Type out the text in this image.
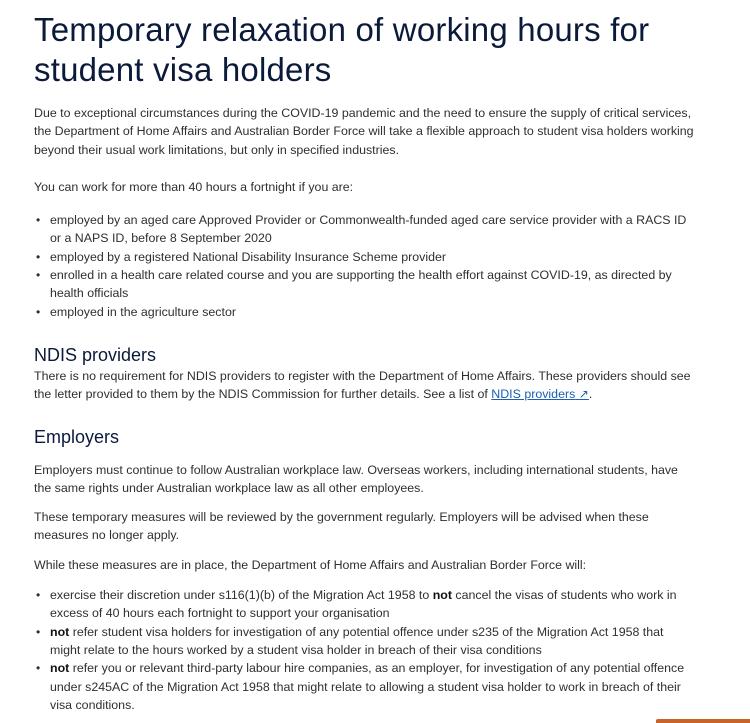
Temporary relaxation of working hours for student visa holders

Due to exceptional circumstances during the COVID-19 pandemic and the need to ensure the supply of critical services, the Department of Home Affairs and Australian Border Force will take a flexible approach to student visa holders working beyond their usual work limitations, but only in specified industries.

You can work for more than 40 hours a fortnight if you are:

• employed by an aged care Approved Provider or Commonwealth-funded aged care service provider with a RACS ID or a NAPS ID, before 8 September 2020
• employed by a registered National Disability Insurance Scheme provider
• enrolled in a health care related course and you are supporting the health effort against COVID-19, as directed by health officials
• employed in the agriculture sector
NDIS providers

There is no requirement for NDIS providers to register with the Department of Home Affairs. These providers should see the letter provided to them by the NDIS Commission for further details. See a list of NDIS providers ↗.

Employers

Employers must continue to follow Australian workplace law. Overseas workers, including international students, have the same rights under Australian workplace law as all other employees.

These temporary measures will be reviewed by the government regularly. Employers will be advised when these measures no longer apply.

While these measures are in place, the Department of Home Affairs and Australian Border Force will:

• exercise their discretion under s116(1)(b) of the Migration Act 1958 to not cancel the visas of students who work in excess of 40 hours each fortnight to support your organisation
• not refer student visa holders for investigation of any potential offence under s235 of the Migration Act 1958 that might relate to the hours worked by a student visa holder in breach of their visa conditions
• not refer you or relevant third-party labour hire companies, as an employer, for investigation of any potential offence under s245AC of the Migration Act 1958 that might relate to allowing a student visa holder to work in breach of their visa conditions.
